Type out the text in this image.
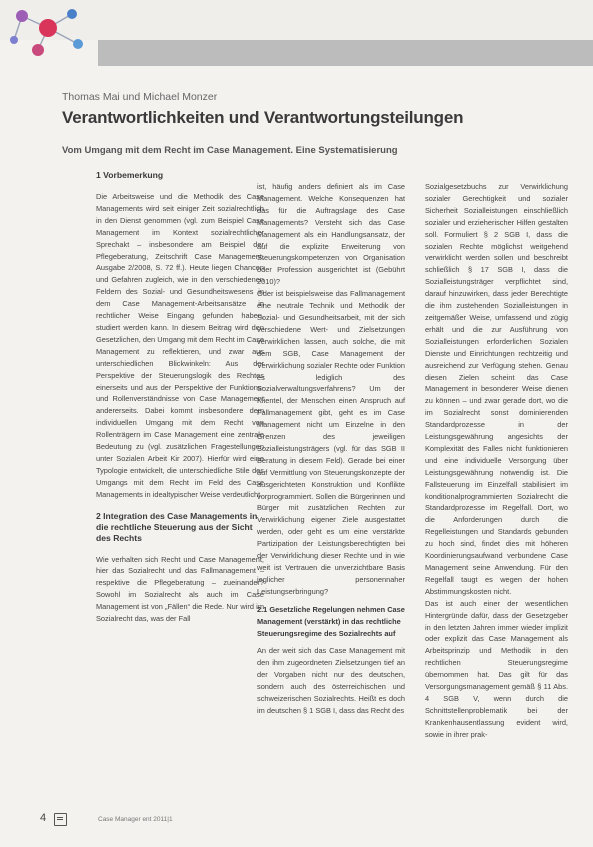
Thomas Mai und Michael Monzer
Verantwortlichkeiten und Verantwortungsteilungen
Vom Umgang mit dem Recht im Case Management. Eine Systematisierung

1 Vorbemerkung

Die Arbeitsweise und die Methodik des Case Managements wird seit einiger Zeit sozialrechtlich in den Dienst genommen (vgl. zum Beispiel Case Management im Kontext sozialrechtlicher Sprechakt – insbesondere am Beispiel der Pflegeberatung, Zeitschrift Case Management, Ausgabe 2/2008, S. 72 ff.). Heute liegen Chancen und Gefahren zugleich, wie in den verschiedenen Feldern des Sozial- und Gesundheitswesens in dem Case Management-Arbeitsansätze in rechtlicher Weise Eingang gefunden haben, studiert werden kann. In diesem Beitrag wird den Gesetzlichen, den Umgang mit dem Recht im Case Management zu reflektieren, und zwar aus unterschiedlichen Blickwinkeln: Aus der Perspektive der Steuerungslogik des Rechtes einerseits und aus der Perspektive der Funktions- und Rollenverständnisse von Case Management andererseits. Dabei kommt insbesondere dem individuellen Umgang mit dem Recht von Rollenträgern im Case Management eine zentrale Bedeutung zu (vgl. zusätzlichen Fragestellungen unter Sozialen Arbeit Kir 2007). Hierfür wird eine Typologie entwickelt, die unterschiedliche Stile des Umgangs mit dem Recht im Feld des Case Managements in idealtypischer Weise verdeutlicht.

2 Integration des Case Managements in die rechtliche Steuerung aus der Sicht des Rechts

Wie verhalten sich Recht und Case Management, hier das Sozialrecht und das Fallmanagement – respektive die Pflegeberatung – zueinander? Sowohl im Sozialrecht als auch im Case Management ist von „Fällen“ die Rede. Nur wird im Sozialrecht das, was der Fall

ist, häufig anders definiert als im Case Management. Welche Konsequenzen hat das für die Auftragslage des Case Managements? Versteht sich das Case Management als ein Handlungsansatz, der auf die explizite Erweiterung von Steuerungskompetenzen von Organisation oder Profession ausgerichtet ist (Gebührt 2010)?

Oder ist beispielsweise das Fallmanagement eine neutrale Technik und Methodik der Sozial- und Gesundheitsarbeit, mit der sich verschiedene Wert- und Zielsetzungen verwirklichen lassen, auch solche, die mit dem SGB, Case Management der Verwirklichung sozialer Rechte oder Funktion es lediglich des Sozialverwaltungsverfahrens? Um der Klientel, der Menschen einen Anspruch auf Fallmanagement gibt, geht es im Case Management nicht um Einzelne in den Grenzen des jeweiligen Sozialleistungsträgers (vgl. für das SGB II Beratung in diesem Feld). Gerade bei einer auf Vermittlung von Steuerungskonzepte der ausgerichteten Konstruktion und Konflikte vorprogrammiert. Sollen die Bürgerinnen und Bürger mit zusätzlichen Rechten zur Verwirklichung eigener Ziele ausgestattet werden, oder geht es um eine verstärkte Partizipation der Leistungsberechtigten bei der Verwirklichung dieser Rechte und in wie weit ist Vertrauen die unverzichtbare Basis jeglicher personennaher Leistungserbringung?

2.1 Gesetzliche Regelungen nehmen Case Management (verstärkt) in das rechtliche Steuerungsregime des Sozialrechts auf

An der weit sich das Case Management mit den ihm zugeordneten Zielsetzungen tief an der Vorgaben nicht nur des deutschen, sondern auch des österreichischen und schweizerischen Sozialrechts. Heißt es doch im deutschen § 1 SGB I, dass das Recht des

Sozialgesetzbuchs zur Verwirklichung sozialer Gerechtigkeit und sozialer Sicherheit Sozialleistungen einschließlich sozialer und erzieherischer Hilfen gestalten soll. Formuliert § 2 SGB I, dass die sozialen Rechte möglichst weitgehend verwirklicht werden sollen und beschreibt schließlich § 17 SGB I, dass die Sozialleistungsträger verpflichtet sind, darauf hinzuwirken, dass jeder Berechtigte die ihm zustehenden Sozialleistungen in zeitgemäßer Weise, umfassend und zügig erhält und die zur Ausführung von Sozialleistungen erforderlichen Sozialen Dienste und Einrichtungen rechtzeitig und ausreichend zur Verfügung stehen. Genau diesen Zielen scheint das Case Management in besonderer Weise dienen zu können – und zwar gerade dort, wo die im Sozialrecht sonst dominierenden Standardprozesse in der Leistungsgewährung angesichts der Komplexität des Falles nicht funktionieren und eine individuelle Versorgung über Leistungsgewährung notwendig ist. Die Fallsteuerung im Einzelfall stabilisiert im konditionalprogrammierten Sozialrecht die Standardprozesse im Regelfall. Dort, wo die Anforderungen durch die Regelleistungen und Standards gebunden zu hoch sind, findet dies mit höheren Koordinierungsaufwand verbundene Case Management seine Anwendung. Für den Regelfall taugt es wegen der hohen Abstimmungskosten nicht.

Das ist auch einer der wesentlichen Hintergründe dafür, dass der Gesetzgeber in den letzten Jahren immer wieder implizit oder explizit das Case Management als Arbeitsprinzip und Methodik in den rechtlichen Steuerungsregime übernommen hat. Das gilt für das Versorgungsmanagement gemäß § 11 Abs. 4 SGB V, wenn durch die Schnittstellenproblematik bei der Krankenhausentlassung evident wird, sowie in ihrer prak-

4	Case Manager ent 2011|1
